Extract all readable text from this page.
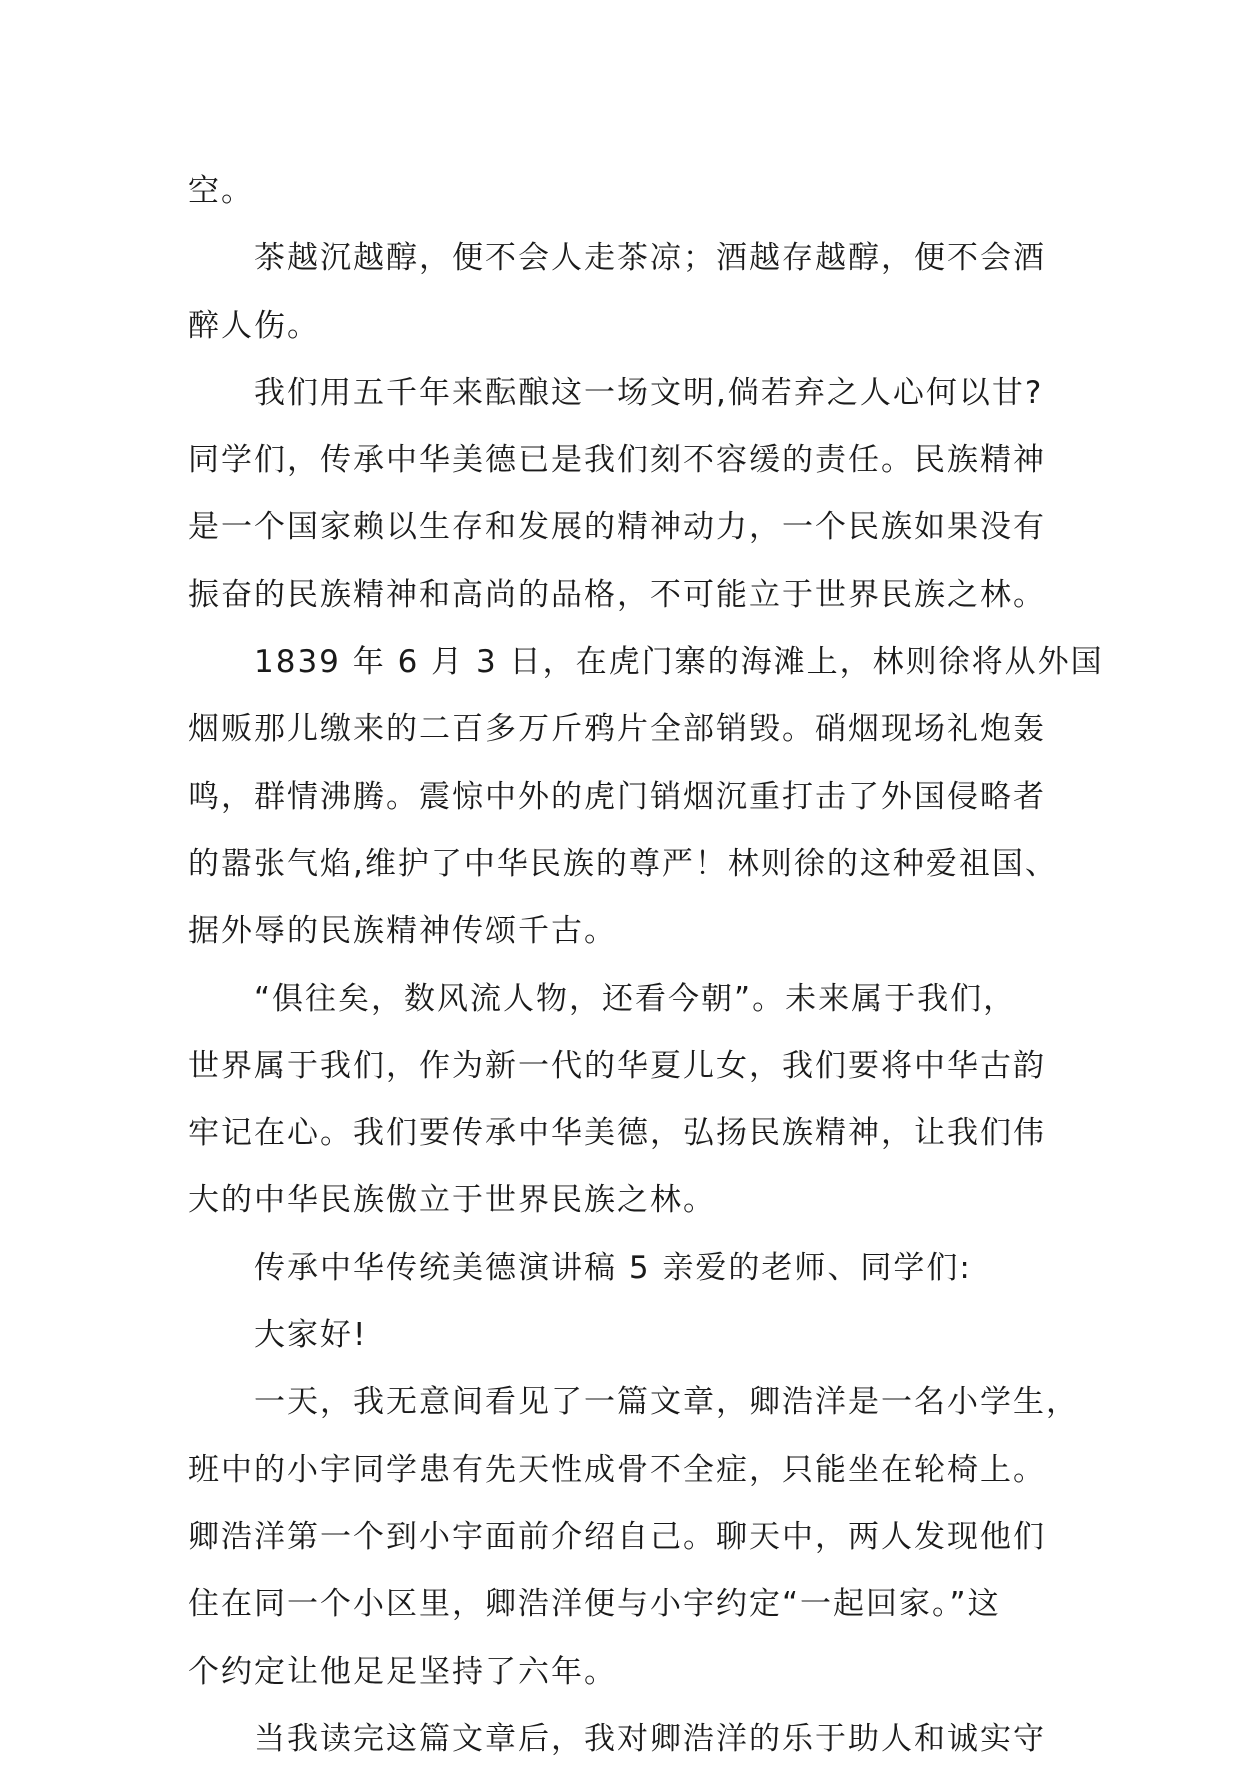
空。
茶越沉越醇，便不会人走茶凉；酒越存越醇，便不会酒
醉人伤。
我们用五千年来酝酿这一场文明,倘若弃之人心何以甘?
同学们，传承中华美德已是我们刻不容缓的责任。民族精神
是一个国家赖以生存和发展的精神动力，一个民族如果没有
振奋的民族精神和高尚的品格，不可能立于世界民族之林。
1839 年 6 月 3 日，在虎门寨的海滩上，林则徐将从外国
烟贩那儿缴来的二百多万斤鸦片全部销毁。硝烟现场礼炮轰
鸣，群情沸腾。震惊中外的虎门销烟沉重打击了外国侵略者
的嚣张气焰,维护了中华民族的尊严！林则徐的这种爱祖国、
据外辱的民族精神传颂千古。
“俱往矣，数风流人物，还看今朝”。未来属于我们，
世界属于我们，作为新一代的华夏儿女，我们要将中华古韵
牢记在心。我们要传承中华美德，弘扬民族精神，让我们伟
大的中华民族傲立于世界民族之林。
传承中华传统美德演讲稿 5 亲爱的老师、同学们:
大家好!
一天，我无意间看见了一篇文章，卿浩洋是一名小学生，
班中的小宇同学患有先天性成骨不全症，只能坐在轮椅上。
卿浩洋第一个到小宇面前介绍自己。聊天中，两人发现他们
住在同一个小区里，卿浩洋便与小宇约定“一起回家。”这
个约定让他足足坚持了六年。
当我读完这篇文章后，我对卿浩洋的乐于助人和诚实守
